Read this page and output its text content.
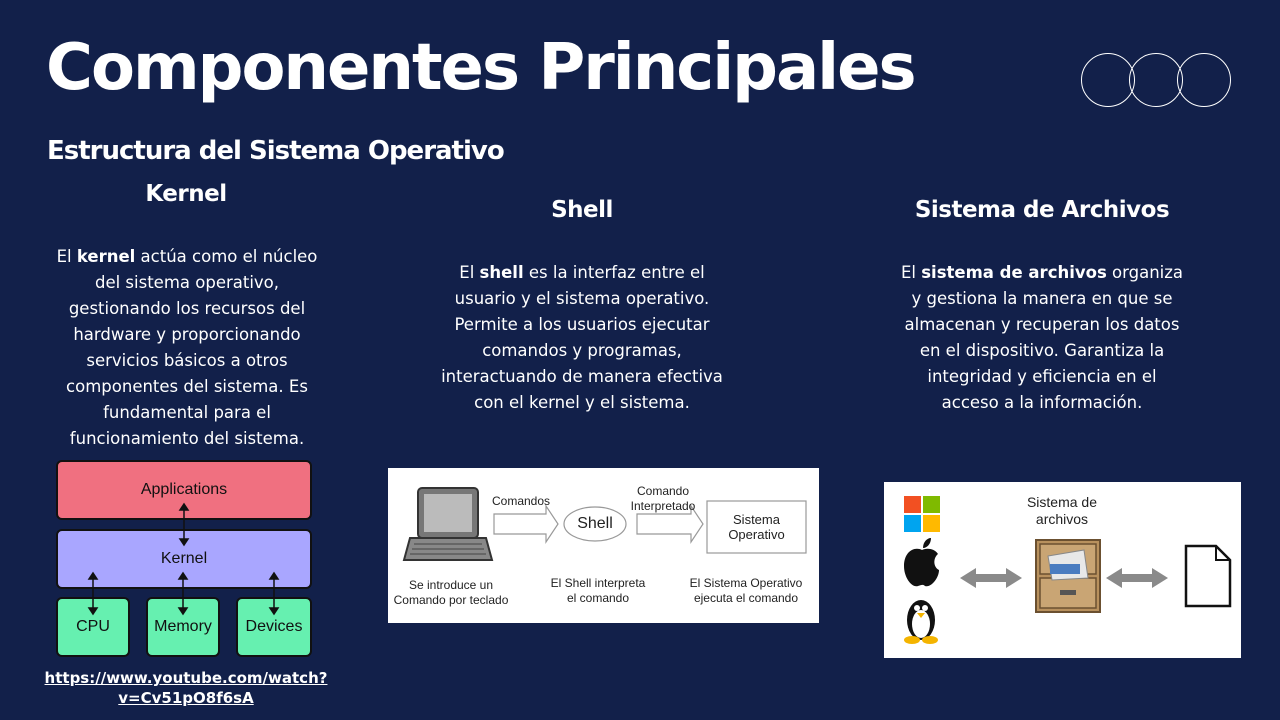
Componentes Principales
Estructura del Sistema Operativo
Kernel
El kernel actúa como el núcleo del sistema operativo, gestionando los recursos del hardware y proporcionando servicios básicos a otros componentes del sistema. Es fundamental para el funcionamiento del sistema.
Applications
Kernel
CPU	Memory	Devices
https://www.youtube.com/watch?
v=Cv51pO8f6sA
Shell
El shell es la interfaz entre el usuario y el sistema operativo. Permite a los usuarios ejecutar comandos y programas, interactuando de manera efectiva con el kernel y el sistema.
Comandos
Comando
Interpretado
Shell	Sistema
Operativo
Se introduce un
Comando por teclado
El Shell interpreta
el comando
El Sistema Operativo
ejecuta el comando
Sistema de Archivos
El sistema de archivos organiza y gestiona la manera en que se almacenan y recuperan los datos en el dispositivo. Garantiza la integridad y eficiencia en el acceso a la información.
Sistema de
archivos
